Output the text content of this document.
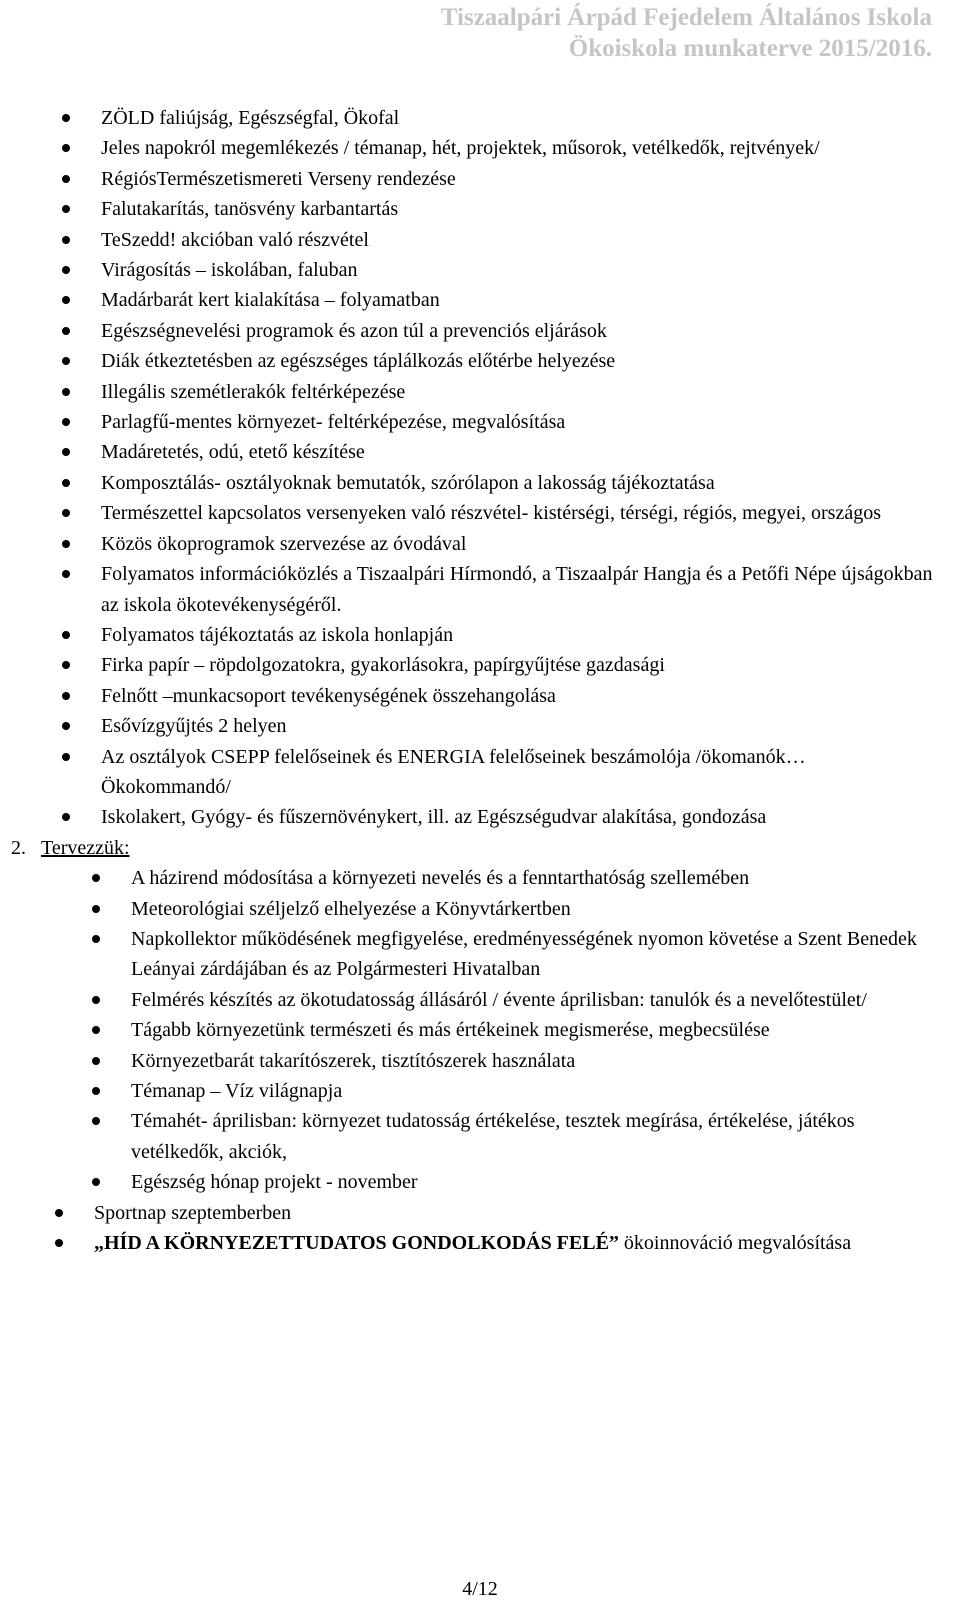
Tiszaalpári Árpád Fejedelem Általános Iskola
Ökoiskola munkaterve 2015/2016.
ZÖLD faliújság, Egészségfal, Ökofal
Jeles napokról megemlékezés / témanap, hét, projektek, műsorok, vetélkedők, rejtvények/
RégiósTermészetismereti Verseny rendezése
Falutakarítás, tanösvény karbantartás
TeSzedd! akcióban való részvétel
Virágosítás – iskolában, faluban
Madárbarát kert kialakítása – folyamatban
Egészségnevelési programok és azon túl a prevenciós eljárások
Diák étkeztetésben az egészséges táplálkozás előtérbe helyezése
Illegális szemétlerakók feltérképezése
Parlagfű-mentes környezet- feltérképezése, megvalósítása
Madáretetés, odú, etető készítése
Komposztálás- osztályoknak bemutatók, szórólapon a lakosság tájékoztatása
Természettel kapcsolatos versenyeken való részvétel- kistérségi, térségi, régiós, megyei, országos
Közös ökoprogramok szervezése az óvodával
Folyamatos információközlés a Tiszaalpári Hírmondó, a Tiszaalpár Hangja és a Petőfi Népe újságokban az iskola ökotevékenységéről.
Folyamatos tájékoztatás az iskola honlapján
Firka papír – röpdolgozatokra, gyakorlásokra, papírgyűjtése gazdasági
Felnőtt –munkacsoport tevékenységének összehangolása
Esővízgyűjtés 2 helyen
Az osztályok CSEPP felelőseinek és ENERGIA felelőseinek beszámolója /ökomanók… Ökokommandó/
Iskolakert, Gyógy- és fűszernövénykert, ill. az Egészségudvar alakítása, gondozása
2. Tervezzük:
A házirend módosítása a környezeti nevelés és a fenntarthatóság szellemében
Meteorológiai széljelző elhelyezése a Könyvtárkertben
Napkollektor működésének megfigyelése, eredményességének nyomon követése a Szent Benedek Leányai zárdájában és az Polgármesteri Hivatalban
Felmérés készítés az ökotudatosság állásáról / évente áprilisban: tanulók és a nevelőtestület/
Tágabb környezetünk természeti és más értékeinek megismerése, megbecsülése
Környezetbarát takarítószerek, tisztítószerek használata
Témanap – Víz világnapja
Témahét- áprilisban: környezet tudatosság értékelése, tesztek megírása, értékelése, játékos vetélkedők, akciók,
Egészség hónap projekt - november
Sportnap szeptemberben
„HÍD A KÖRNYEZETTUDATOS GONDOLKODÁS FELÉ” ökoinnováció megvalósítása
4/12
